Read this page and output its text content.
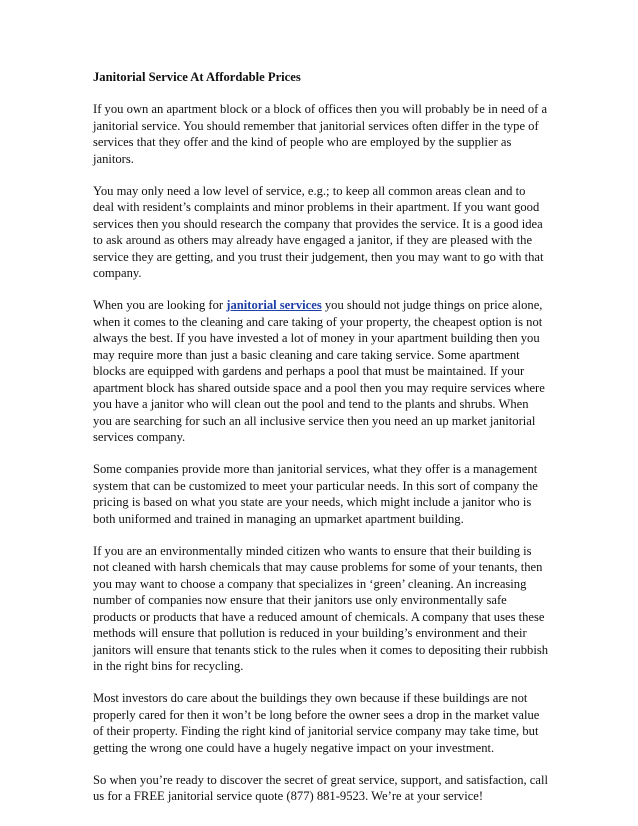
Janitorial Service At Affordable Prices

If you own an apartment block or a block of offices then you will probably be in need of a janitorial service. You should remember that janitorial services often differ in the type of services that they offer and the kind of people who are employed by the supplier as janitors.

You may only need a low level of service, e.g.; to keep all common areas clean and to deal with resident’s complaints and minor problems in their apartment. If you want good services then you should research the company that provides the service. It is a good idea to ask around as others may already have engaged a janitor, if they are pleased with the service they are getting, and you trust their judgement, then you may want to go with that company.

When you are looking for janitorial services you should not judge things on price alone, when it comes to the cleaning and care taking of your property, the cheapest option is not always the best. If you have invested a lot of money in your apartment building then you may require more than just a basic cleaning and care taking service. Some apartment blocks are equipped with gardens and perhaps a pool that must be maintained. If your apartment block has shared outside space and a pool then you may require services where you have a janitor who will clean out the pool and tend to the plants and shrubs. When you are searching for such an all inclusive service then you need an up market janitorial services company.

Some companies provide more than janitorial services, what they offer is a management system that can be customized to meet your particular needs. In this sort of company the pricing is based on what you state are your needs, which might include a janitor who is both uniformed and trained in managing an upmarket apartment building.

If you are an environmentally minded citizen who wants to ensure that their building is not cleaned with harsh chemicals that may cause problems for some of your tenants, then you may want to choose a company that specializes in ‘green’ cleaning. An increasing number of companies now ensure that their janitors use only environmentally safe products or products that have a reduced amount of chemicals. A company that uses these methods will ensure that pollution is reduced in your building’s environment and their janitors will ensure that tenants stick to the rules when it comes to depositing their rubbish in the right bins for recycling.

Most investors do care about the buildings they own because if these buildings are not properly cared for then it won’t be long before the owner sees a drop in the market value of their property. Finding the right kind of janitorial service company may take time, but getting the wrong one could have a hugely negative impact on your investment.

So when you’re ready to discover the secret of great service, support, and satisfaction, call us for a FREE janitorial service quote (877) 881-9523. We’re at your service!
